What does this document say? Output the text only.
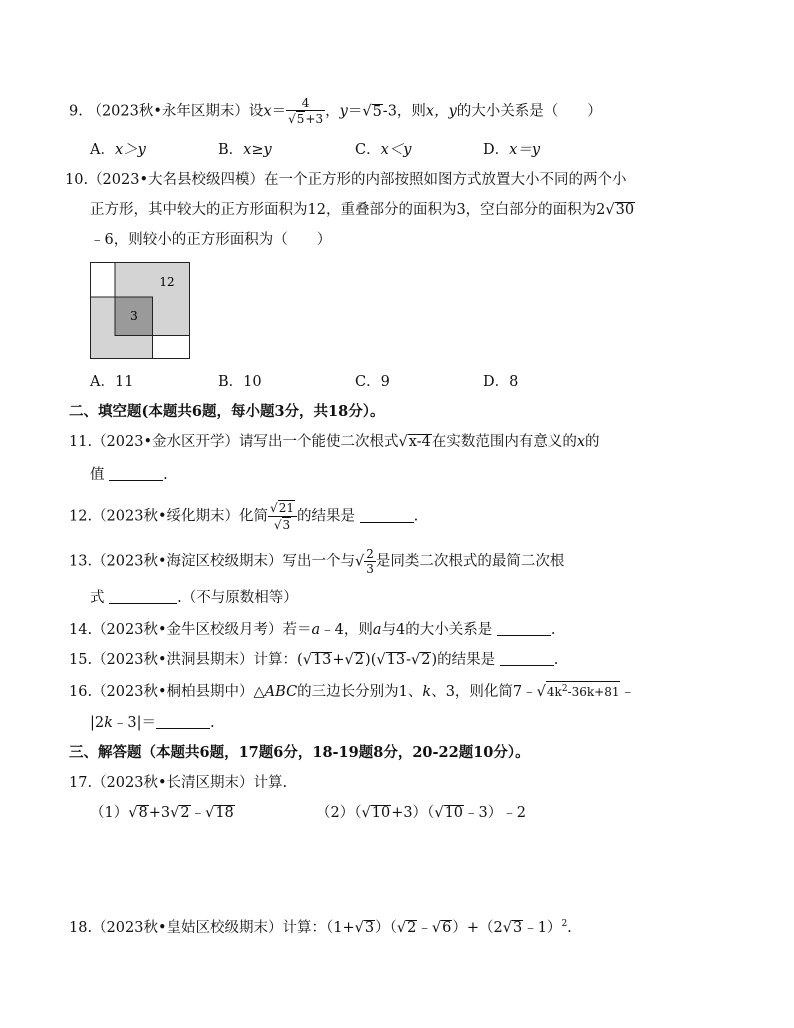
9. （2023秋•永年区期末）设$x= \frac{4}{√5+3}$ ，y＝√5-3，则x，y的大小关系是（　　）
A．x＞y	B．x≥y	C．x＜y	D．x＝y
10.（2023•大名县校级四模）在一个正方形的内部按照如图方式放置大小不同的两个小
正方形，其中较大的正方形面积为12，重叠部分的面积为3，空白部分的面积为2√30
﹣6，则较小的正方形面积为（　　）
12
3
A．11	B．10	C．9	D．8
二、填空题(本题共6题，每小题3分，共18分）。
11.（2023•金水区开学）请写出一个能使二次根式√x-4在实数范围内有意义的x的
值	.
12.（2023秋•绥化期末）化简 $\frac{√21}{√3}$ 的结果是	.
13.（2023秋•海淀区校级期末）写出一个与√ $\frac{2}{3}$ 是同类二次根式的最简二次根
式	.（不与原数相等）
14.（2023秋•金牛区校级月考）若＝a﹣4，则a与4的大小关系是	.
15.（2023秋•洪洞县期末）计算：(√13+√2)(√13-√2)的结果是	.
16.（2023秋•桐柏县期中）△ABC的三边长分别为1、k、3，则化简$7﹣√4k^2-36k+81﹣$
|2k﹣3|＝	.
三、解答题（本题共6题，17题6分，18-19题8分，20-22题10分）。
17.（2023秋•长清区期末）计算.
（1）√8+3√2﹣√18	（2）（√10+3）（√10﹣3）﹣2
18.（2023秋•皇姑区校级期末）计算：（1+√3）（√2﹣√6）+（2√3﹣1）$^2$.
